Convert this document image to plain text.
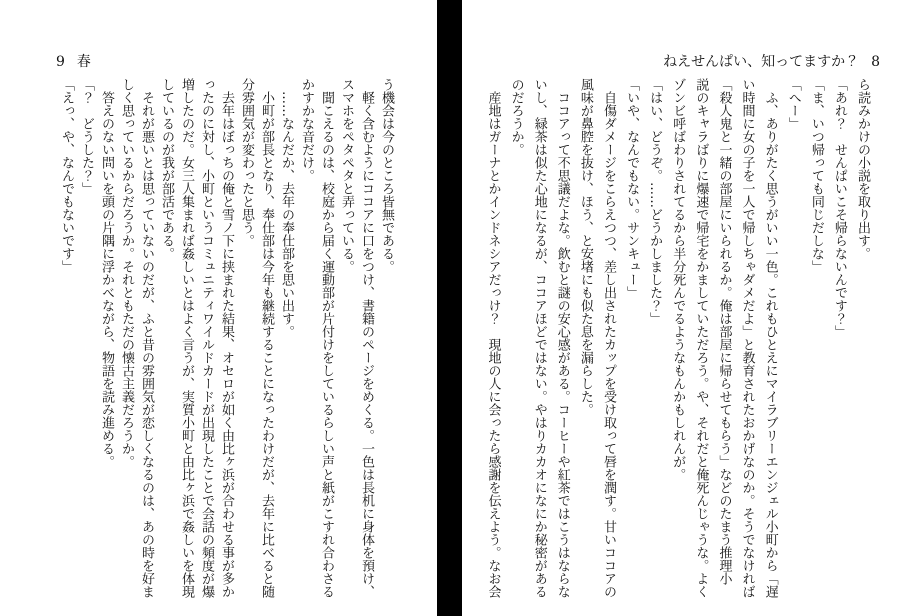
9 春

う機会は今のところ皆無である。

軽く含むようにココアに口をつけ、書籍のページをめくる。一色は長机に身体を預け、

スマホをペタペタと弄っている。

聞こえるのは、校庭から届く運動部が片付けをしているらしい声と紙がこすれ合わさる

かすかな音だけ。

……なんだか、去年の奉仕部を思い出す。

小町が部長となり、奉仕部は今年も継続することになったわけだが、去年に比べると随

分雰囲気が変わったと思う。

去年はぼっちの俺と雪ノ下に挟まれた結果、オセロが如く由比ヶ浜が合わせる事が多か

ったのに対し、小町というコミュニティワイルドカードが出現したことで会話の頻度が爆

増したのだ。女三人集まれば姦しいとはよく言うが、実質小町と由比ヶ浜で姦しいを体現

しているのが我が部活である。

それが悪いとは思っていないのだが、ふと昔の雰囲気が恋しくなるのは、あの時を好ま

しく思っているからだろうか。それともただの懐古主義だろうか。

答えのない問いを頭の片隅に浮かべながら、物語を読み進める。

「？　どうした？」

「えっ、や、なんでもないです」

ねえせんぱい、知ってますか？ 8

ら読みかけの小説を取り出す。

「あれ？　せんぱいこそ帰らないんです？」

「ま、いつ帰っても同じだしな」

「へー」

ふ、ありがたく思うがいい一色。これもひとえにマイラブリーエンジェル小町から「遅

い時間に女の子を一人で帰しちゃダメだよ」と教育されたおかげなのか。そうでなければ

「殺人鬼と一緒の部屋にいられるか。俺は部屋に帰らせてもらう」などのたまう推理小

説のキャラばりに爆速で帰宅をかましていただろう。や、それだと俺死んじゃうな。よく

ゾンビ呼ばわりされてるから半分死んでるようなもんかもしれんが。

「はい、どうぞ。……どうかしました？」

「いや、なんでもない。サンキュー」

自傷ダメージをこらえつつ、差し出されたカップを受け取って唇を潤す。甘いココアの

風味が鼻腔を抜け、ほう、と安堵にも似た息を漏らした。

ココアって不思議だよな。飲むと謎の安心感がある。コーヒーや紅茶ではこうはならな

いし、緑茶は似た心地になるが、ココアほどではない。やはりカカオになにか秘密がある

のだろうか。

産地はガーナとかインドネシアだっけ？　現地の人に会ったら感謝を伝えよう。なお会
